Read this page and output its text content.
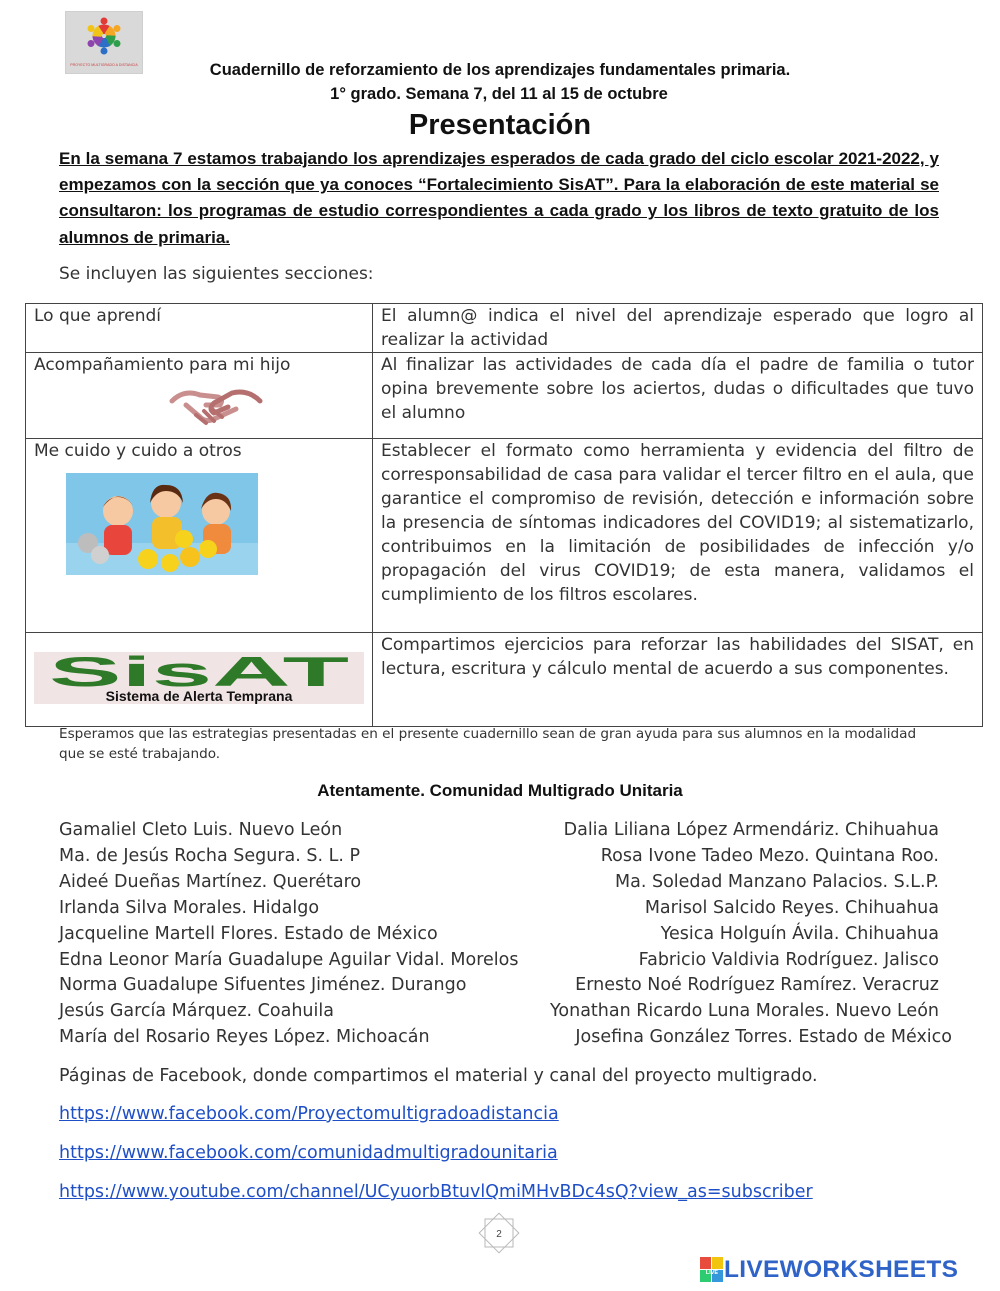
PROYECTO MULTIGRADO A DISTANCIA	Cuadernillo de reforzamiento de los aprendizajes fundamentales primaria.
1° grado. Semana 7, del 11 al 15 de octubre
Presentación
En la semana 7 estamos trabajando los aprendizajes esperados de cada grado del ciclo escolar 2021-2022, y empezamos con la sección que ya conoces “Fortalecimiento SisAT”. Para la elaboración de este material se consultaron: los programas de estudio correspondientes a cada grado y los libros de texto gratuito de los alumnos de primaria.
Se incluyen las siguientes secciones:
Lo que aprendí	El alumn@ indica el nivel del aprendizaje esperado que logro al realizar la actividad

Acompañamiento para mi hijo	Al finalizar las actividades de cada día el padre de familia o tutor opina brevemente sobre los aciertos, dudas o dificultades que tuvo el alumno

Me cuido y cuido a otros	Establecer el formato como herramienta y evidencia del filtro de corresponsabilidad de casa para validar el tercer filtro en el aula, que garantice el compromiso de revisión, detección e información sobre la presencia de síntomas indicadores del COVID19; al sistematizarlo, contribuimos en la limitación de posibilidades de infección y/o propagación del virus COVID19; de esta manera, validamos el cumplimiento de los filtros escolares.

SisAT
Sistema de Alerta Temprana	Compartimos ejercicios para reforzar las habilidades del SISAT, en lectura, escritura y cálculo mental de acuerdo a sus componentes.
Esperamos que las estrategias presentadas en el presente cuadernillo sean de gran ayuda para sus alumnos en la modalidad que se esté trabajando.
Atentamente. Comunidad Multigrado Unitaria
Gamaliel Cleto Luis. Nuevo León
Ma. de Jesús Rocha Segura. S. L. P
Aideé Dueñas Martínez. Querétaro
Irlanda Silva Morales. Hidalgo
Jacqueline Martell Flores. Estado de México
Edna Leonor María Guadalupe Aguilar Vidal. Morelos
Norma Guadalupe Sifuentes Jiménez. Durango
Jesús García Márquez. Coahuila
María del Rosario Reyes López. Michoacán
Dalia Liliana López Armendáriz. Chihuahua
Rosa Ivone Tadeo Mezo. Quintana Roo.
Ma. Soledad Manzano Palacios. S.L.P.
Marisol Salcido Reyes. Chihuahua
Yesica Holguín Ávila. Chihuahua
Fabricio Valdivia Rodríguez. Jalisco
Ernesto Noé Rodríguez Ramírez. Veracruz
Yonathan Ricardo Luna Morales. Nuevo León
Josefina González Torres. Estado de México
Páginas de Facebook, donde compartimos el material y canal del proyecto multigrado.
https://www.facebook.com/Proyectomultigradoadistancia
https://www.facebook.com/comunidadmultigradounitaria
https://www.youtube.com/channel/UCyuorbBtuvlQmiMHvBDc4sQ?view_as=subscriber
2
LIVE LIVEWORKSHEETS
